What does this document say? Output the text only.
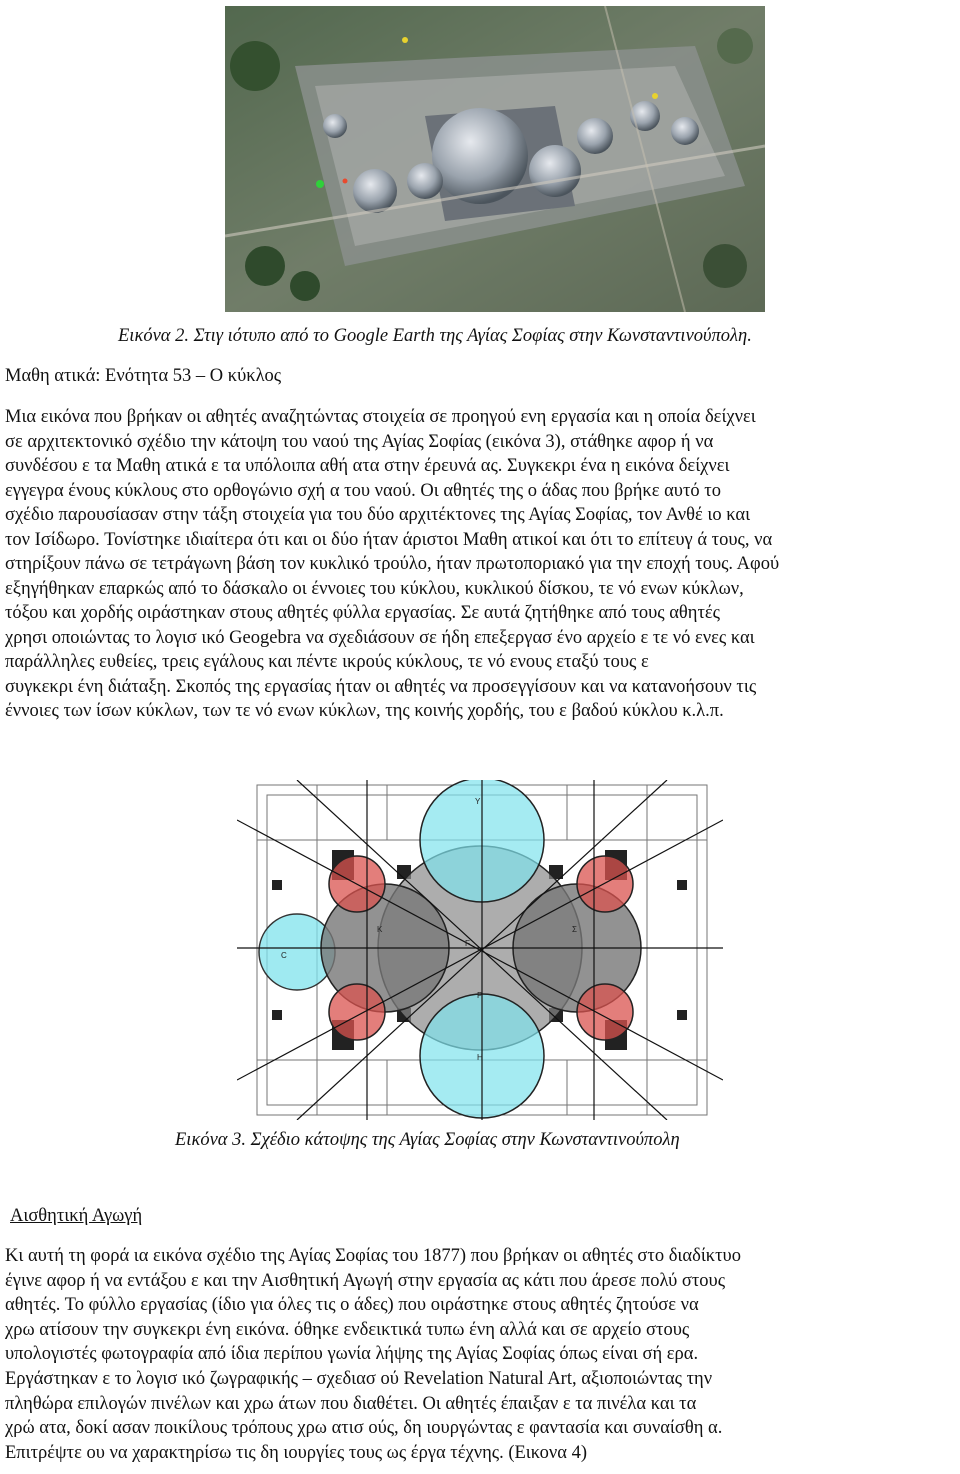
Εικόνα 2. Στιγ ιότυπο από το Google Earth της Αγίας Σοφίας στην Κωνσταντινούπολη.
Μαθη ατικά: Ενότητα 53 – Ο κύκλος
Μια εικόνα που βρήκαν οι αθητές αναζητώντας στοιχεία σε προηγού ενη εργασία και η οποία δείχνει
σε αρχιτεκτονικό σχέδιο την κάτοψη του ναού της Αγίας Σοφίας (εικόνα 3), στάθηκε αφορ ή να
συνδέσου ε τα Μαθη ατικά ε τα υπόλοιπα αθή ατα στην έρευνά ας. Συγκεκρι ένα η εικόνα δείχνει
εγγεγρα ένους κύκλους στο ορθογώνιο σχή α του ναού. Οι αθητές της ο άδας που βρήκε αυτό το
σχέδιο παρουσίασαν στην τάξη στοιχεία για του δύο αρχιτέκτονες της Αγίας Σοφίας, τον Ανθέ ιο και
τον Ισίδωρο. Τονίστηκε ιδιαίτερα ότι και οι δύο ήταν άριστοι Μαθη ατικοί και ότι το επίτευγ ά τους, να
στηρίξουν πάνω σε τετράγωνη βάση τον κυκλικό τρούλο, ήταν πρωτοποριακό για την εποχή τους. Αφού
εξηγήθηκαν επαρκώς από το δάσκαλο οι έννοιες του κύκλου, κυκλικού δίσκου, τε νό ενων κύκλων,
τόξου και χορδής οιράστηκαν στους αθητές φύλλα εργασίας. Σε αυτά ζητήθηκε από τους αθητές
χρησι οποιώντας το λογισ ικό Geogebra να σχεδιάσουν σε ήδη επεξεργασ ένο αρχείο ε τε νό ενες και
παράλληλες ευθείες, τρεις εγάλους και πέντε ικρούς κύκλους, τε νό ενους εταξύ τους ε
συγκεκρι ένη διάταξη. Σκοπός της εργασίας ήταν οι αθητές να προσεγγίσουν και να κατανοήσουν τις
έννοιες των ίσων κύκλων, των τε νό ενων κύκλων, της κοινής χορδής, του ε βαδού κύκλου κ.λ.π.
Υ
Κ	Σ
Ρ
C
F
H
Εικόνα 3. Σχέδιο κάτοψης της Αγίας Σοφίας στην Κωνσταντινούπολη
Αισθητική Αγωγή
Κι αυτή τη φορά ια εικόνα σχέδιο της Αγίας Σοφίας του 1877) που βρήκαν οι αθητές στο διαδίκτυο
έγινε αφορ ή να εντάξου ε και την Αισθητική Αγωγή στην εργασία ας κάτι που άρεσε πολύ στους
αθητές. Το φύλλο εργασίας (ίδιο για όλες τις ο άδες) που οιράστηκε στους αθητές ζητούσε να
χρω ατίσουν την συγκεκρι ένη εικόνα. όθηκε ενδεικτικά τυπω ένη αλλά και σε αρχείο στους
υπολογιστές φωτογραφία από ίδια περίπου γωνία λήψης της Αγίας Σοφίας όπως είναι σή ερα.
Εργάστηκαν ε το λογισ ικό ζωγραφικής – σχεδιασ ού Revelation Natural Art, αξιοποιώντας την
πληθώρα επιλογών πινέλων και χρω άτων που διαθέτει. Οι αθητές έπαιξαν ε τα πινέλα και τα
χρώ ατα, δοκί ασαν ποικίλους τρόπους χρω ατισ ούς, δη ιουργώντας ε φαντασία και συναίσθη α.
Επιτρέψτε ου να χαρακτηρίσω τις δη ιουργίες τους ως έργα τέχνης. (Εικονα 4)
